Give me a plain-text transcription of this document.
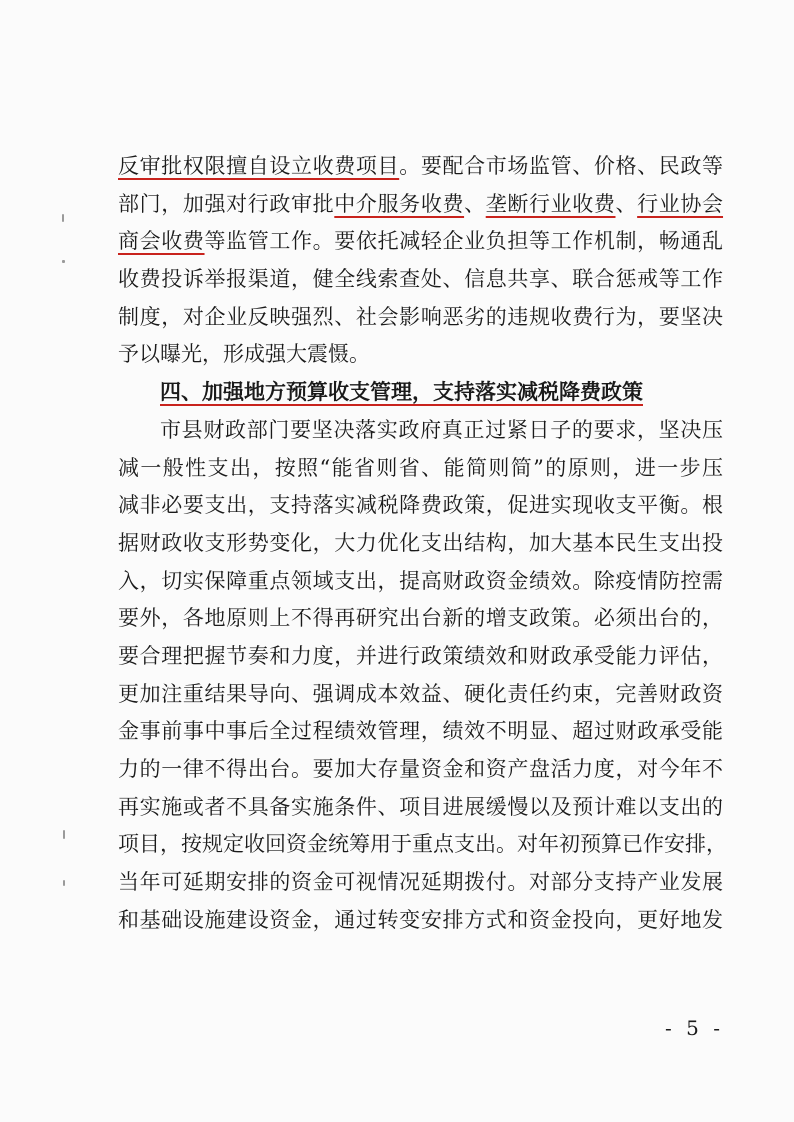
反审批权限擅自设立收费项目。要配合市场监管、价格、民政等
部门，加强对行政审批中介服务收费、垄断行业收费、行业协会
商会收费等监管工作。要依托减轻企业负担等工作机制，畅通乱
收费投诉举报渠道，健全线索查处、信息共享、联合惩戒等工作
制度，对企业反映强烈、社会影响恶劣的违规收费行为，要坚决
予以曝光，形成强大震慑。
四、加强地方预算收支管理，支持落实减税降费政策
市县财政部门要坚决落实政府真正过紧日子的要求，坚决压
减一般性支出，按照“能省则省、能简则简”的原则，进一步压
减非必要支出，支持落实减税降费政策，促进实现收支平衡。根
据财政收支形势变化，大力优化支出结构，加大基本民生支出投
入，切实保障重点领域支出，提高财政资金绩效。除疫情防控需
要外，各地原则上不得再研究出台新的增支政策。必须出台的，
要合理把握节奏和力度，并进行政策绩效和财政承受能力评估，
更加注重结果导向、强调成本效益、硬化责任约束，完善财政资
金事前事中事后全过程绩效管理，绩效不明显、超过财政承受能
力的一律不得出台。要加大存量资金和资产盘活力度，对今年不
再实施或者不具备实施条件、项目进展缓慢以及预计难以支出的
项目，按规定收回资金统筹用于重点支出。对年初预算已作安排，
当年可延期安排的资金可视情况延期拨付。对部分支持产业发展
和基础设施建设资金，通过转变安排方式和资金投向，更好地发
- 5 -
